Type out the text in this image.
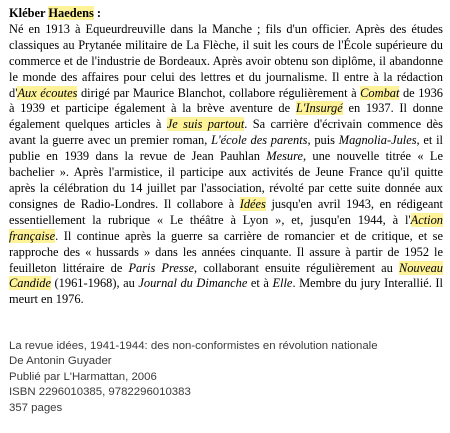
Kléber Haedens :

Né en 1913 à Equeurdreuville dans la Manche ; fils d'un officier. Après des études classiques au Prytanée militaire de La Flèche, il suit les cours de l'École supérieure du commerce et de l'industrie de Bordeaux. Après avoir obtenu son diplôme, il abandonne le monde des affaires pour celui des lettres et du journalisme. Il entre à la rédaction d'Aux écoutes dirigé par Maurice Blanchot, collabore régulièrement à Combat de 1936 à 1939 et participe également à la brève aventure de L'Insurgé en 1937. Il donne également quelques articles à Je suis partout. Sa carrière d'écrivain commence dès avant la guerre avec un premier roman, L'école des parents, puis Magnolia-Jules, et il publie en 1939 dans la revue de Jean Pauhlan Mesure, une nouvelle titrée « Le bachelier ». Après l'armistice, il participe aux activités de Jeune France qu'il quitte après la célébration du 14 juillet par l'association, révolté par cette suite donnée aux consignes de Radio-Londres. Il collabore à Idées jusqu'en avril 1943, en rédigeant essentiellement la rubrique « Le théâtre à Lyon », et, jusqu'en 1944, à l'Action française. Il continue après la guerre sa carrière de romancier et de critique, et se rapproche des « hussards » dans les années cinquante. Il assure à partir de 1952 le feuilleton littéraire de Paris Presse, collaborant ensuite régulièrement au Nouveau Candide (1961-1968), au Journal du Dimanche et à Elle. Membre du jury Interallié. Il meurt en 1976.

La revue idées, 1941-1944: des non-conformistes en révolution nationale
De Antonin Guyader
Publié par L'Harmattan, 2006
ISBN 2296010385, 9782296010383
357 pages
